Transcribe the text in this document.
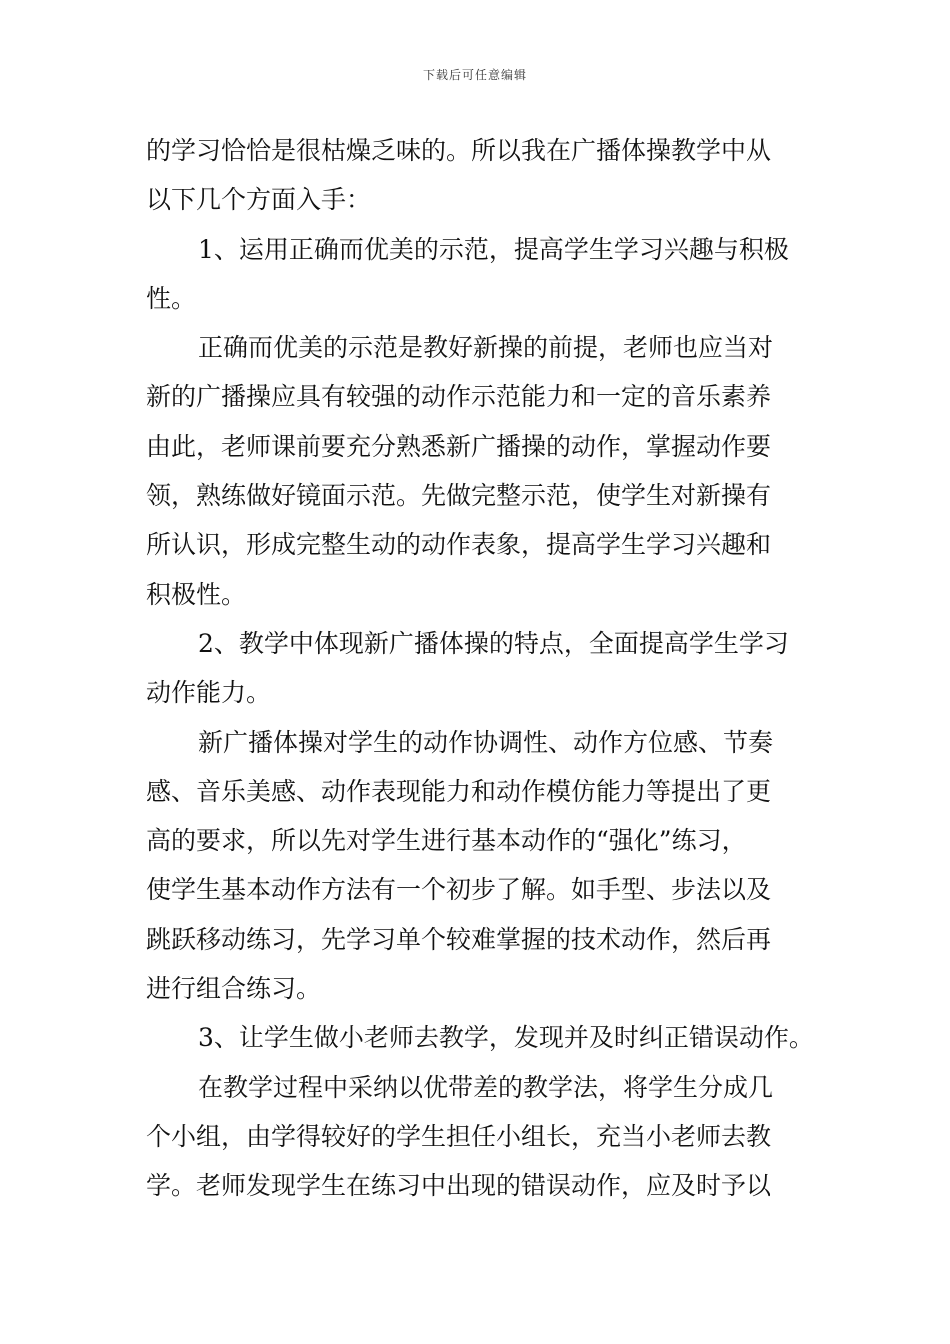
下载后可任意编辑
的学习恰恰是很枯燥乏味的。所以我在广播体操教学中从
以下几个方面入手：
1、运用正确而优美的示范，提高学生学习兴趣与积极
性。
正确而优美的示范是教好新操的前提，老师也应当对
新的广播操应具有较强的动作示范能力和一定的音乐素养
由此，老师课前要充分熟悉新广播操的动作，掌握动作要
领，熟练做好镜面示范。先做完整示范，使学生对新操有
所认识，形成完整生动的动作表象，提高学生学习兴趣和
积极性。
2、教学中体现新广播体操的特点，全面提高学生学习
动作能力。
新广播体操对学生的动作协调性、动作方位感、节奏
感、音乐美感、动作表现能力和动作模仿能力等提出了更
高的要求，所以先对学生进行基本动作的“强化”练习，
使学生基本动作方法有一个初步了解。如手型、步法以及
跳跃移动练习，先学习单个较难掌握的技术动作，然后再
进行组合练习。
3、让学生做小老师去教学，发现并及时纠正错误动作。
在教学过程中采纳以优带差的教学法，将学生分成几
个小组，由学得较好的学生担任小组长，充当小老师去教
学。老师发现学生在练习中出现的错误动作，应及时予以
